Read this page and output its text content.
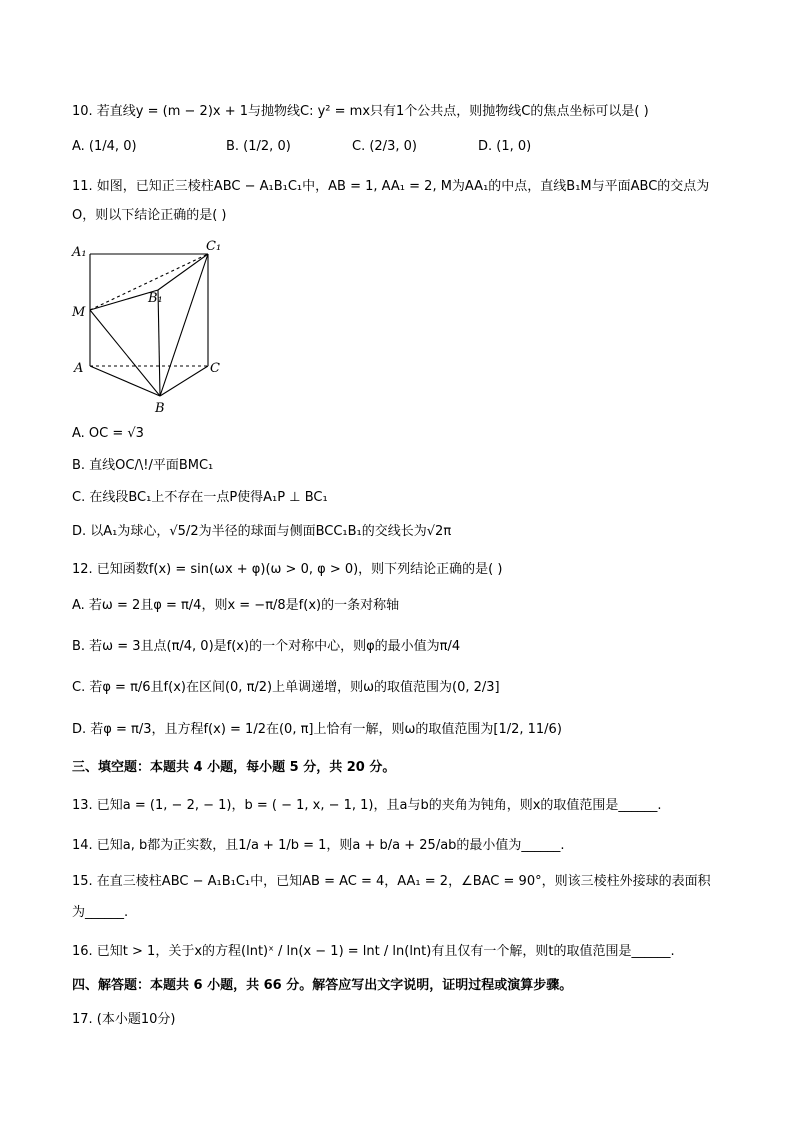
10. 若直线y = (m − 2)x + 1与抛物线C: y² = mx只有1个公共点，则抛物线C的焦点坐标可以是( )
A. (1/4, 0)	B. (1/2, 0)	C. (2/3, 0)	D. (1, 0)
11. 如图，已知正三棱柱ABC − A₁B₁C₁中，AB = 1, AA₁ = 2, M为AA₁的中点，直线B₁M与平面ABC的交点为
O，则以下结论正确的是( )
A₁	C₁
B₁
M
A	C
B
A. OC = √3
B. 直线OC/\!/平面BMC₁
C. 在线段BC₁上不存在一点P使得A₁P ⊥ BC₁
D. 以A₁为球心，√5/2为半径的球面与侧面BCC₁B₁的交线长为√2π
12. 已知函数f(x) = sin(ωx + φ)(ω > 0, φ > 0)，则下列结论正确的是( )
A. 若ω = 2且φ = π/4，则x = −π/8是f(x)的一条对称轴
B. 若ω = 3且点(π/4, 0)是f(x)的一个对称中心，则φ的最小值为π/4
C. 若φ = π/6且f(x)在区间(0, π/2)上单调递增，则ω的取值范围为(0, 2/3]
D. 若φ = π/3，且方程f(x) = 1/2在(0, π]上恰有一解，则ω的取值范围为[1/2, 11/6)
三、填空题：本题共 4 小题，每小题 5 分，共 20 分。
13. 已知a = (1, − 2, − 1)，b = ( − 1, x, − 1, 1)，且a与b的夹角为钝角，则x的取值范围是______.
14. 已知a, b都为正实数，且1/a + 1/b = 1，则a + b/a + 25/ab的最小值为______.
15. 在直三棱柱ABC − A₁B₁C₁中，已知AB = AC = 4，AA₁ = 2，∠BAC = 90°，则该三棱柱外接球的表面积
为______.
16. 已知t > 1，关于x的方程(lnt)ˣ / ln(x − 1) = lnt / ln(lnt)有且仅有一个解，则t的取值范围是______.
四、解答题：本题共 6 小题，共 66 分。解答应写出文字说明，证明过程或演算步骤。
17. (本小题10分)
